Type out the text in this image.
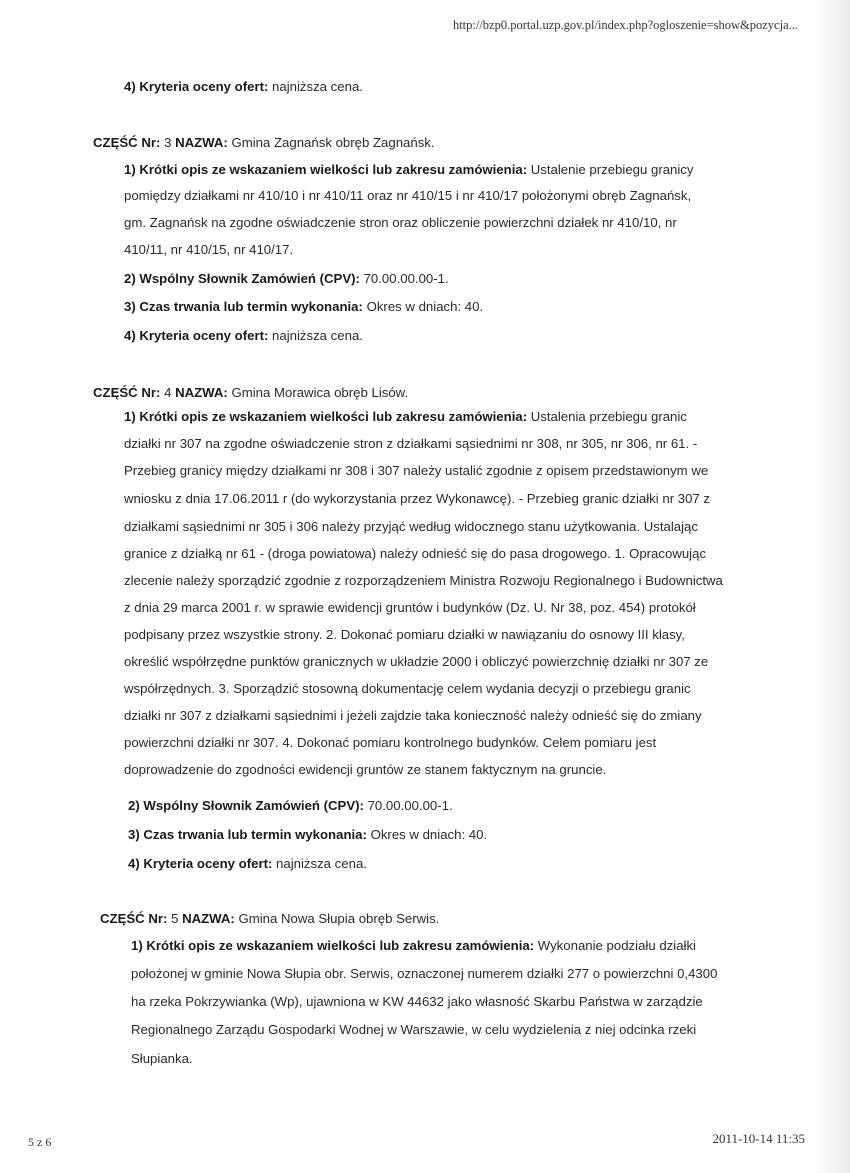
http://bzp0.portal.uzp.gov.pl/index.php?ogloszenie=show&pozycja...
4) Kryteria oceny ofert: najniższa cena.
CZĘŚĆ Nr: 3 NAZWA: Gmina Zagnańsk obręb Zagnańsk.
1) Krótki opis ze wskazaniem wielkości lub zakresu zamówienia: Ustalenie przebiegu granicy
pomiędzy działkami nr 410/10 i nr 410/11 oraz nr 410/15 i nr 410/17 położonymi obręb Zagnańsk,
gm. Zagnańsk na zgodne oświadczenie stron oraz obliczenie powierzchni działek nr 410/10, nr
410/11, nr 410/15, nr 410/17.
2) Wspólny Słownik Zamówień (CPV): 70.00.00.00-1.
3) Czas trwania lub termin wykonania: Okres w dniach: 40.
4) Kryteria oceny ofert: najniższa cena.
CZĘŚĆ Nr: 4 NAZWA: Gmina Morawica obręb Lisów.
1) Krótki opis ze wskazaniem wielkości lub zakresu zamówienia: Ustalenia przebiegu granic
działki nr 307 na zgodne oświadczenie stron z działkami sąsiednimi nr 308, nr 305, nr 306, nr 61. -
Przebieg granicy między działkami nr 308 i 307 należy ustalić zgodnie z opisem przedstawionym we
wniosku z dnia 17.06.2011 r (do wykorzystania przez Wykonawcę). - Przebieg granic działki nr 307 z
działkami sąsiednimi nr 305 i 306 należy przyjąć według widocznego stanu użytkowania. Ustalając
granice z działką nr 61 - (droga powiatowa) należy odnieść się do pasa drogowego. 1. Opracowując
zlecenie należy sporządzić zgodnie z rozporządzeniem Ministra Rozwoju Regionalnego i Budownictwa
z dnia 29 marca 2001 r. w sprawie ewidencji gruntów i budynków (Dz. U. Nr 38, poz. 454) protokół
podpisany przez wszystkie strony. 2. Dokonać pomiaru działki w nawiązaniu do osnowy III klasy,
określić współrzędne punktów granicznych w układzie 2000 i obliczyć powierzchnię działki nr 307 ze
współrzędnych. 3. Sporządzić stosowną dokumentację celem wydania decyzji o przebiegu granic
działki nr 307 z działkami sąsiednimi i jeżeli zajdzie taka konieczność należy odnieść się do zmiany
powierzchni działki nr 307. 4. Dokonać pomiaru kontrolnego budynków. Celem pomiaru jest
doprowadzenie do zgodności ewidencji gruntów ze stanem faktycznym na gruncie.
2) Wspólny Słownik Zamówień (CPV): 70.00.00.00-1.
3) Czas trwania lub termin wykonania: Okres w dniach: 40.
4) Kryteria oceny ofert: najniższa cena.
CZĘŚĆ Nr: 5 NAZWA: Gmina Nowa Słupia obręb Serwis.
1) Krótki opis ze wskazaniem wielkości lub zakresu zamówienia: Wykonanie podziału działki
położonej w gminie Nowa Słupia obr. Serwis, oznaczonej numerem działki 277 o powierzchni 0,4300
ha rzeka Pokrzywianka (Wp), ujawniona w KW 44632 jako własność Skarbu Państwa w zarządzie
Regionalnego Zarządu Gospodarki Wodnej w Warszawie, w celu wydzielenia z niej odcinka rzeki
Słupianka.
5 z 6	2011-10-14 11:35
